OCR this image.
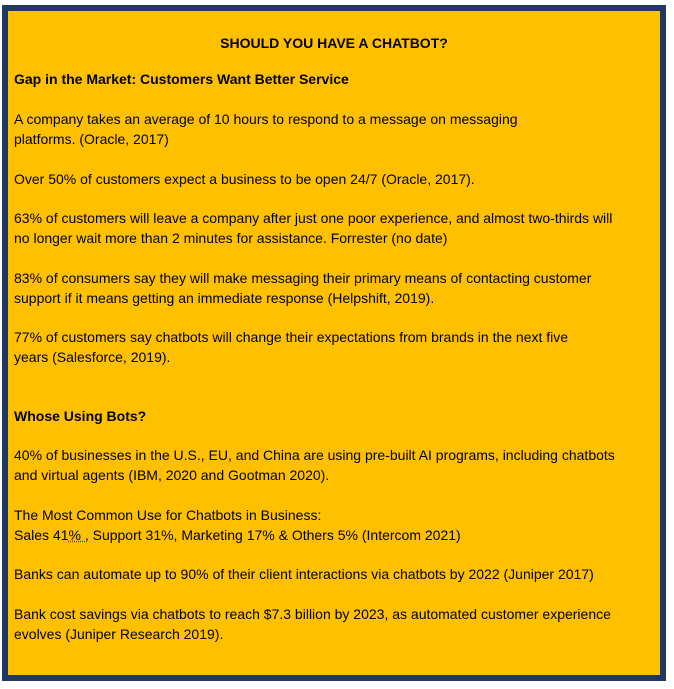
SHOULD YOU HAVE A CHATBOT?
Gap in the Market: Customers Want Better Service

A company takes an average of 10 hours to respond to a message on messaging
platforms. (Oracle, 2017)

Over 50% of customers expect a business to be open 24/7 (Oracle, 2017).

63% of customers will leave a company after just one poor experience, and almost two-thirds will
no longer wait more than 2 minutes for assistance. Forrester (no date)

83% of consumers say they will make messaging their primary means of contacting customer
support if it means getting an immediate response (Helpshift, 2019).

77% of customers say chatbots will change their expectations from brands in the next five
years (Salesforce, 2019).

Whose Using Bots?

40% of businesses in the U.S., EU, and China are using pre-built AI programs, including chatbots
and virtual agents (IBM, 2020 and Gootman 2020).

The Most Common Use for Chatbots in Business:
Sales 41% , Support 31%, Marketing 17% & Others 5% (Intercom 2021)

Banks can automate up to 90% of their client interactions via chatbots by 2022 (Juniper 2017)

Bank cost savings via chatbots to reach $7.3 billion by 2023, as automated customer experience
evolves (Juniper Research 2019).
